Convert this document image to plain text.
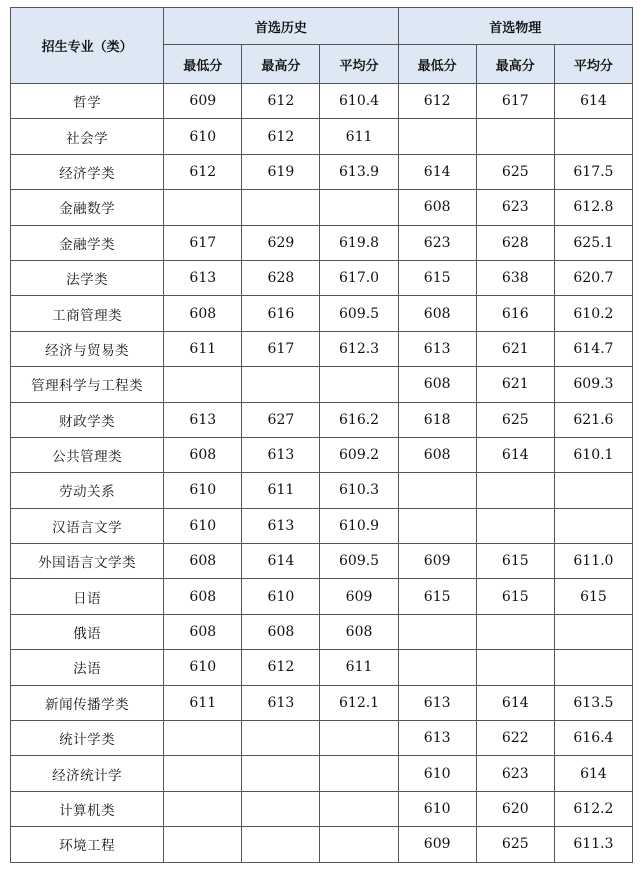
招生专业（类）	首选历史			首选物理		
	最低分	最高分	平均分	最低分	最高分	平均分
哲学	609	612	610.4	612	617	614
社会学	610	612	611			
经济学类	612	619	613.9	614	625	617.5
金融数学				608	623	612.8
金融学类	617	629	619.8	623	628	625.1
法学类	613	628	617.0	615	638	620.7
工商管理类	608	616	609.5	608	616	610.2
经济与贸易类	611	617	612.3	613	621	614.7
管理科学与工程类				608	621	609.3
财政学类	613	627	616.2	618	625	621.6
公共管理类	608	613	609.2	608	614	610.1
劳动关系	610	611	610.3			
汉语言文学	610	613	610.9			
外国语言文学类	608	614	609.5	609	615	611.0
日语	608	610	609	615	615	615
俄语	608	608	608			
法语	610	612	611			
新闻传播学类	611	613	612.1	613	614	613.5
统计学类				613	622	616.4
经济统计学				610	623	614
计算机类				610	620	612.2
环境工程				609	625	611.3
